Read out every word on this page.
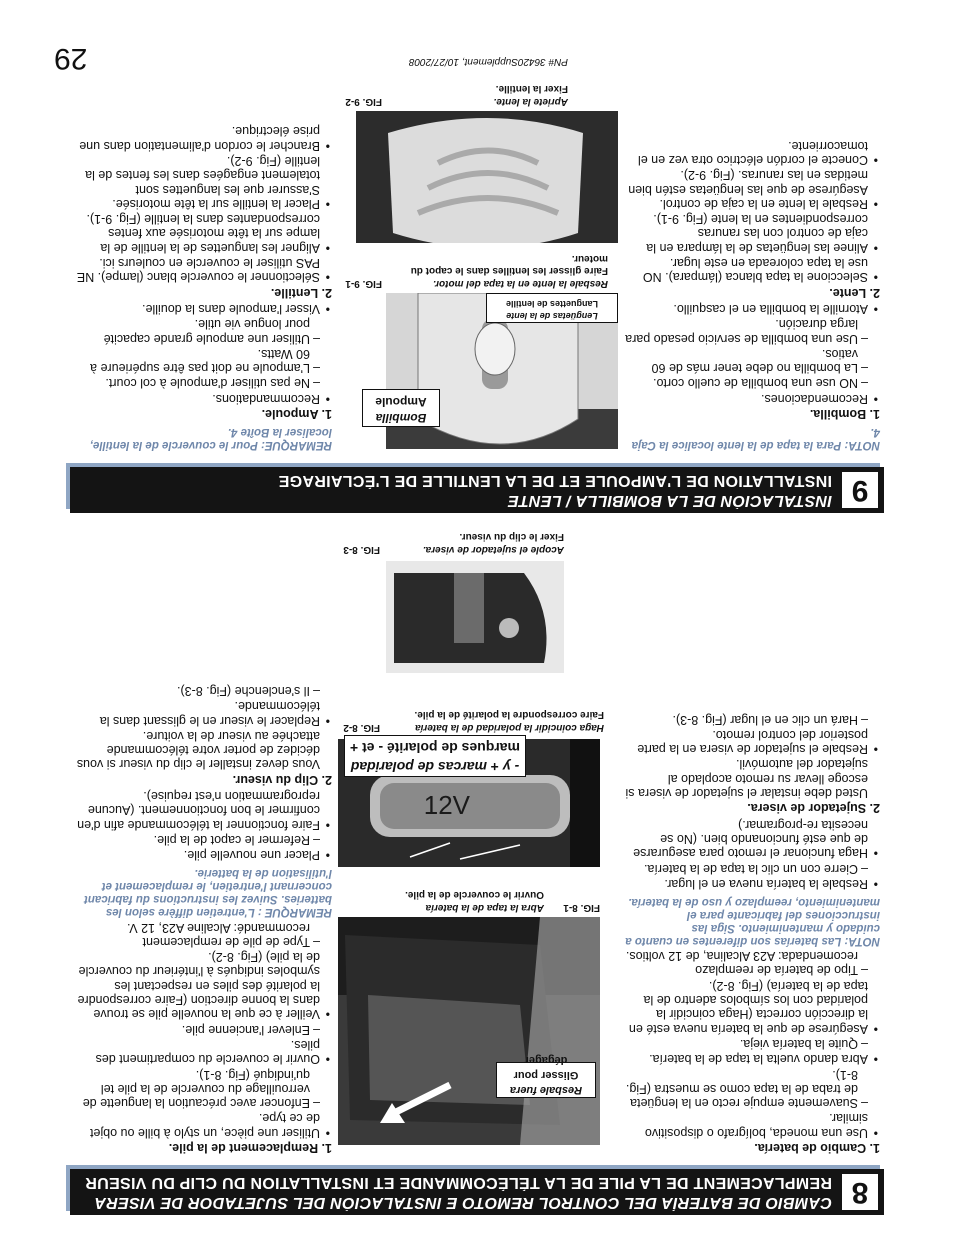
29	PN# 36420Supplement, 10/27/2008
8
CAMBIO DE BATERÍA DEL CONTROL REMOTO E INSTALACIÓN DEL SUJETADOR DE VISERA
REMPLACEMENT DE LA PILE DE LA TÉLÉCOMMANDE ET INSTALLATION DU CLIP DU VISEUR

1. Cambio de batería.

• Use una moneda, bolígrafo o dispositivo similar.

– Suavemente empuje recto en la lengüeta de traba de la tapa como se muestra (Fig. 8-1).

• Abra dando vuelta la tapa de la batería.

– Quite la batería vieja.

• Asegúrese de que la batería nueva esté en la dirección correcta (Haga coincidir la polaridad con los símbolos adentro de la tapa de la batería) (Fig. 8-2).

– Tipo de batería de reemplazo recomendada: A23 Alcalina, de 12 voltios.

NOTA: Las baterías son diferentes en cuanto a cuidado y mantenimiento. Siga las instrucciones del fabricante para el mantenimiento, reemplazo y uso de la batería.

• Resbale la batería nueva en el lugar.

– Cierre con un clic la tapa de la batería.

• Haga funcionar el remoto para asegurarse de que esté funcionando bien. (No se necesita re-programar.)

2. Sujetador de visera.

Usted debe instalar el sujetador de visera si escoge llevar su remoto acoplado al sujetador del automóvil.

• Resbale el sujetador de visera en la parte posterior del control remoto.

– Hará un clic en el lugar (Fig. 8-3).

1. Remplacement de la pile.

• Utiliser une pièce, un stylo à bille ou objet de ce type.

– Enfoncer avec précaution la languette de verrouillage du couvercle de la pile tel qu'indiqué (Fig. 8-1).

• Ouvrir le couvercle du compartiment des piles.

– Enlever l'ancienne pile.

• Veiller à ce que la nouvelle pile se trouve dans la bonne direction (Faire correspondre la polarité des piles en respectant les symboles indiqués à l'intérieur du couvercle de la pile) (Fig. 8-2).

– Type de pile de remplacement recommandé: Alcaline A23, 12 V.

REMARQUE : L'entretien diffère selon les batteries. Suivez les instructions du fabricant concernant l'entretien, le remplacement et l'utilisation de la batterie.

• Placer une nouvelle pile.

– Refermer le capot de la pile.

• Faire fonctionner la télécommande afin d'en confirmer le bon fonctionnement. (Aucune reprogrammation n'est requise).

2. Clip du viseur.

Vous devez installer le clip du viseur si vous décidez de porter votre télécommande attachée au viseur de la voiture.

• Replacer le viseur en le glissant dans la télécommande.

– Il s'enclenche (Fig. 8-3).

Resbale fuera
Glisser pour dégager
FIG. 8-1
Abra la tapa de la batería
Ouvrir le couvercle de la pile.
12V
- y + marcas de polaridad
marques de polarité - et +
FIG. 8-2	Haga coincidir la polaridad de la batería
Faire correspondre la polarité de la pile.
FIG. 8-3	Acople el sujetador de visera.
Fixer le clip du viseur.
9
INSTALACIÓN DE LA BOMBILLA / LENTE
INSTALLATION DE L'AMPOULE ET DE LA LENTILLE DE L'ÉCLAIRAGE

NOTA: Para la tapa de la lente localice la Caja 4.

1. Bombilla.

• Recomendaciones.

– NO use una bombilla de cuello corto.

– La bombilla no debe tener más de 60 vatios.

– Use una bombilla de servicio pesado para larga duración.

• Atornille la bombilla en el casquillo.

2. Lente.

• Seleccione la tapa blanca (lámpara). NO use la tapa coloreada en este lugar.

• Alinee las lengüetas de la lámpara en la caja de control con las ranuras correspondientes en la lente (Fig. 9-1).

• Resbale la lente en la caja de control. Asegúrese de que las lengüetas estén bien metidas en las ranuras. (Fig. 9-2).

• Conecte el cordón eléctrico otra vez en el tomacorriente.

REMARQUE: Pour le couvercle de la lentille, localiser la Boîte 4.

1. Ampoule.

• Recommandations.

– Ne pas utiliser d'ampoule à col court.

– L'ampoule ne doit pas être supérieure à 60 Watts.

– Utiliser une ampoule grande capacité pour longue vie utile.

• Visser l'ampoule dans la douille.

2. Lentille.

• Sélectionner le couvercle blanc (lampe). NE PAS utiliser le couvercle en couleurs ici.

• Aligner les languettes de la lentille de la lampe sur la tête motorisée aux fentes correspondantes dans la lentille (Fig. 9-1).

• Placer la lentille sur la tête motorisée. S'assurer que les languettes sont totalement engagées dans les fentes de la lentille (Fig. 9-2).

• Brancher le cordon d'alimentation dans une prise électrique.

Bombilla
Ampoule
Lengüetas de la lente
Languettes de lentille
FIG. 9-1	Resbale la lente en la tapa del motor.
Faire glisser les lentilles dans le capot du moteur.
FIG. 9-2	Apriete la lente.
Fixer la lentille.
